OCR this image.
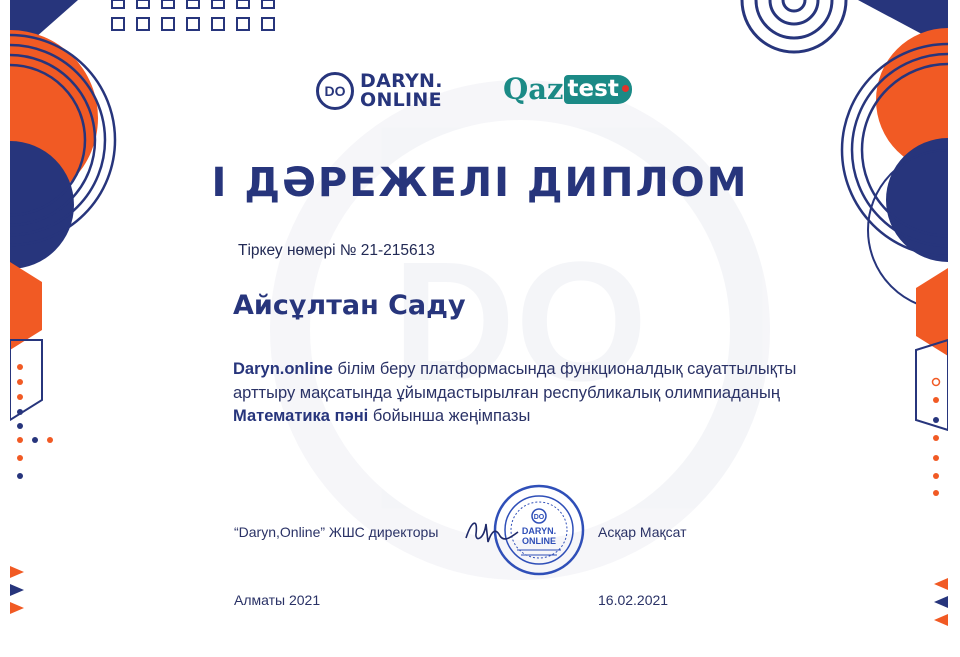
DO DARYN.
ONLINE Qaz test
I ДӘРЕЖЕЛІ ДИПЛОМ
Тіркеу нөмері № 21-215613
Айсұлтан Саду
Daryn.online білім беру платформасында функционалдық сауаттылықты арттыру мақсатында ұйымдастырылған республикалық олимпиаданың Математика пәні бойынша жеңімпазы
DO
DARYN.
ONLINE
“Daryn,Online” ЖШС директоры	Асқар Мақсат
Алматы 2021	16.02.2021
